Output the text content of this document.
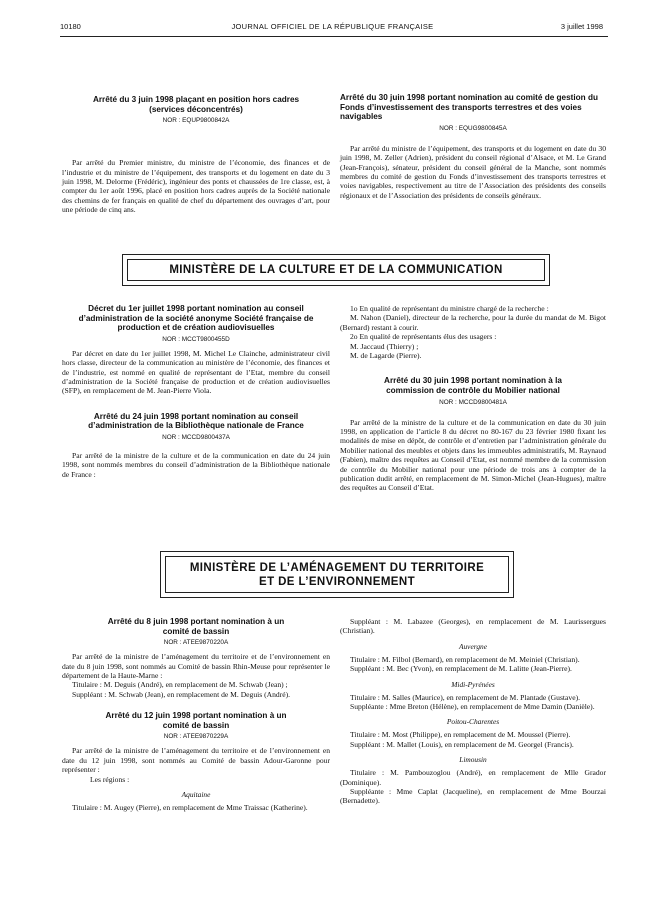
10180	JOURNAL OFFICIEL DE LA RÉPUBLIQUE FRANÇAISE	3 juillet 1998
Arrêté du 3 juin 1998 plaçant en position hors cadres (services déconcentrés)
NOR : EQUP9800842A

Par arrêté du Premier ministre, du ministre de l’économie, des finances et de l’industrie et du ministre de l’équipement, des transports et du logement en date du 3 juin 1998, M. Delorme (Frédéric), ingénieur des ponts et chaussées de 1re classe, est, à compter du 1er août 1996, placé en position hors cadres auprès de la Société nationale des chemins de fer français en qualité de chef du département des ouvrages d’art, pour une période de cinq ans.

Arrêté du 30 juin 1998 portant nomination au comité de gestion du Fonds d’investissement des transports terrestres et des voies navigables
NOR : EQUG9800845A

Par arrêté du ministre de l’équipement, des transports et du logement en date du 30 juin 1998, M. Zeller (Adrien), président du conseil régional d’Alsace, et M. Le Grand (Jean-François), sénateur, président du conseil général de la Manche, sont nommés membres du comité de gestion du Fonds d’investissement des transports terrestres et voies navigables, respectivement au titre de l’Association des présidents des conseils régionaux et de l’Association des présidents de conseils généraux.

MINISTÈRE DE LA CULTURE ET DE LA COMMUNICATION
Décret du 1er juillet 1998 portant nomination au conseil d’administration de la société anonyme Société française de production et de création audiovisuelles
NOR : MCCT9800455D

Par décret en date du 1er juillet 1998, M. Michel Le Clainche, administrateur civil hors classe, directeur de la communication au ministère de l’économie, des finances et de l’industrie, est nommé en qualité de représentant de l’Etat, membre du conseil d’administration de la Société française de production et de création audiovisuelles (SFP), en remplacement de M. Jean-Pierre Viola.

Arrêté du 24 juin 1998 portant nomination au conseil d’administration de la Bibliothèque nationale de France
NOR : MCCD9800437A

Par arrêté de la ministre de la culture et de la communication en date du 24 juin 1998, sont nommés membres du conseil d’administration de la Bibliothèque nationale de France :

1o En qualité de représentant du ministre chargé de la recherche :

M. Nahon (Daniel), directeur de la recherche, pour la durée du mandat de M. Bigot (Bernard) restant à courir.

2o En qualité de représentants élus des usagers :

M. Jaccaud (Thierry) ;

M. de Lagarde (Pierre).

Arrêté du 30 juin 1998 portant nomination à la commission de contrôle du Mobilier national
NOR : MCCD9800481A

Par arrêté de la ministre de la culture et de la communication en date du 30 juin 1998, en application de l’article 8 du décret no 80-167 du 23 février 1980 fixant les modalités de mise en dépôt, de contrôle et d’entretien par l’administration générale du Mobilier national des meubles et objets dans les immeubles administratifs, M. Raynaud (Fabien), maître des requêtes au Conseil d’Etat, est nommé membre de la commission de contrôle du Mobilier national pour une période de trois ans à compter de la publication dudit arrêté, en remplacement de M. Simon-Michel (Jean-Hugues), maître des requêtes au Conseil d’Etat.

MINISTÈRE DE L’AMÉNAGEMENT DU TERRITOIRE
ET DE L’ENVIRONNEMENT
Arrêté du 8 juin 1998 portant nomination à un comité de bassin
NOR : ATEE9870220A

Par arrêté de la ministre de l’aménagement du territoire et de l’environnement en date du 8 juin 1998, sont nommés au Comité de bassin Rhin-Meuse pour représenter le département de la Haute-Marne :

Titulaire : M. Deguis (André), en remplacement de M. Schwab (Jean) ;

Suppléant : M. Schwab (Jean), en remplacement de M. Deguis (André).

Arrêté du 12 juin 1998 portant nomination à un comité de bassin
NOR : ATEE9870229A

Par arrêté de la ministre de l’aménagement du territoire et de l’environnement en date du 12 juin 1998, sont nommés au Comité de bassin Adour-Garonne pour représenter :

Les régions :

Aquitaine

Titulaire : M. Augey (Pierre), en remplacement de Mme Traissac (Katherine).

Suppléant : M. Labazee (Georges), en remplacement de M. Laurissergues (Christian).

Auvergne

Titulaire : M. Filbol (Bernard), en remplacement de M. Meiniel (Christian).

Suppléant : M. Bec (Yvon), en remplacement de M. Lalitte (Jean-Pierre).

Midi-Pyrénées

Titulaire : M. Salles (Maurice), en remplacement de M. Plantade (Gustave).

Suppléante : Mme Breton (Hélène), en remplacement de Mme Damin (Danièle).

Poitou-Charentes

Titulaire : M. Most (Philippe), en remplacement de M. Moussel (Pierre).

Suppléant : M. Mallet (Louis), en remplacement de M. Georgel (Francis).

Limousin

Titulaire : M. Pambouzoglou (André), en remplacement de Mlle Grador (Dominique).

Suppléante : Mme Caplat (Jacqueline), en remplacement de Mme Bourzai (Bernadette).
